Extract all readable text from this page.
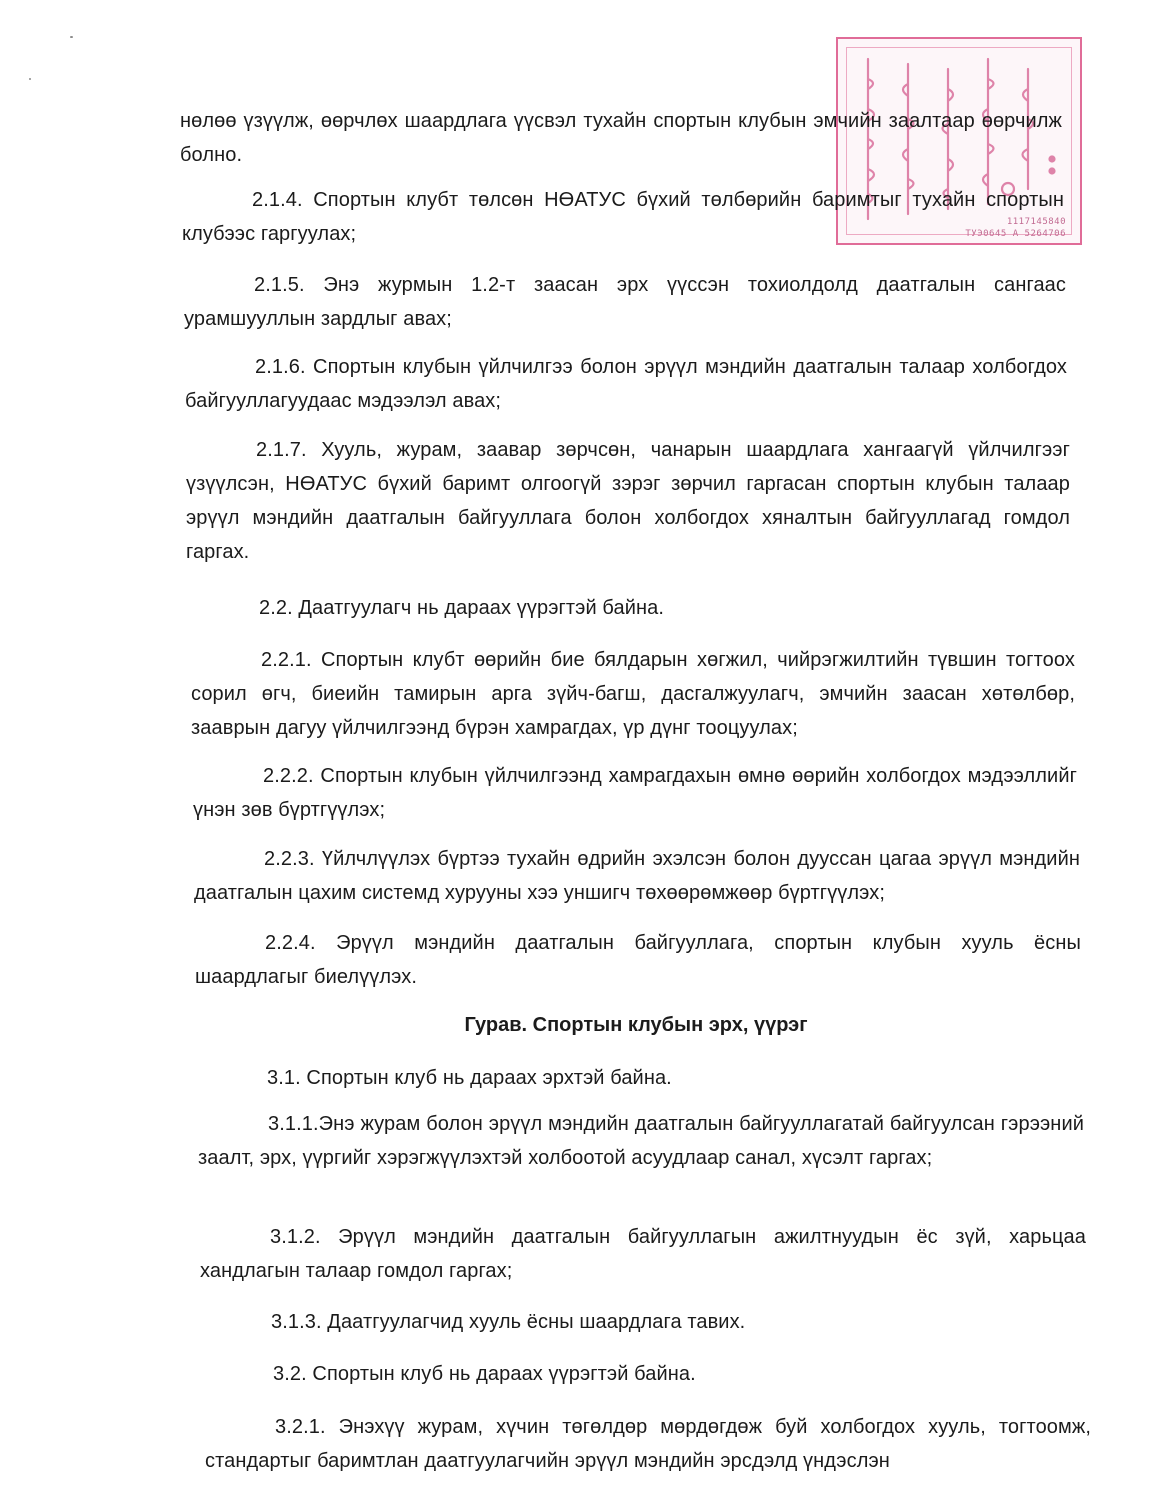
1117145840
ТУЭ0645 А 5264706
нөлөө үзүүлж, өөрчлөх шаардлага үүсвэл тухайн спортын клубын эмчийн заалтаар өөрчилж болно.
2.1.4. Спортын клубт төлсөн НӨАТУС бүхий төлбөрийн баримтыг тухайн спортын клубээс гаргуулах;
2.1.5. Энэ журмын 1.2-т заасан эрх үүссэн тохиолдолд даатгалын сангаас урамшууллын зардлыг авах;
2.1.6. Спортын клубын үйлчилгээ болон эрүүл мэндийн даатгалын талаар холбогдох байгууллагуудаас мэдээлэл авах;
2.1.7. Хууль, журам, заавар зөрчсөн, чанарын шаардлага хангаагүй үйлчилгээг үзүүлсэн, НӨАТУС бүхий баримт олгоогүй зэрэг зөрчил гаргасан спортын клубын талаар эрүүл мэндийн даатгалын байгууллага болон холбогдох хяналтын байгууллагад гомдол гаргах.
2.2. Даатгуулагч нь дараах үүрэгтэй байна.
2.2.1. Спортын клубт өөрийн бие бялдарын хөгжил, чийрэгжилтийн түвшин тогтоох сорил өгч, биеийн тамирын арга зүйч-багш, дасгалжуулагч, эмчийн заасан хөтөлбөр, зааврын дагуу үйлчилгээнд бүрэн хамрагдах, үр дүнг тооцуулах;
2.2.2. Спортын клубын үйлчилгээнд хамрагдахын өмнө өөрийн холбогдох мэдээллийг үнэн зөв бүртгүүлэх;
2.2.3. Үйлчлүүлэх бүртээ тухайн өдрийн эхэлсэн болон дууссан цагаа эрүүл мэндийн даатгалын цахим системд хурууны хээ уншигч төхөөрөмжөөр бүртгүүлэх;
2.2.4. Эрүүл мэндийн даатгалын байгууллага, спортын клубын хууль ёсны шаардлагыг биелүүлэх.
Гурав. Спортын клубын эрх, үүрэг
3.1. Спортын клуб нь дараах эрхтэй байна.
3.1.1.Энэ журам болон эрүүл мэндийн даатгалын байгууллагатай байгуулсан гэрээний заалт, эрх, үүргийг хэрэгжүүлэхтэй холбоотой асуудлаар санал, хүсэлт гаргах;
3.1.2. Эрүүл мэндийн даатгалын байгууллагын ажилтнуудын ёс зүй, харьцаа хандлагын талаар гомдол гаргах;
3.1.3. Даатгуулагчид хууль ёсны шаардлага тавих.
3.2. Спортын клуб нь дараах үүрэгтэй байна.
3.2.1. Энэхүү журам, хүчин төгөлдөр мөрдөгдөж буй холбогдох хууль, тогтоомж, стандартыг баримтлан даатгуулагчийн эрүүл мэндийн эрсдэлд үндэслэн
